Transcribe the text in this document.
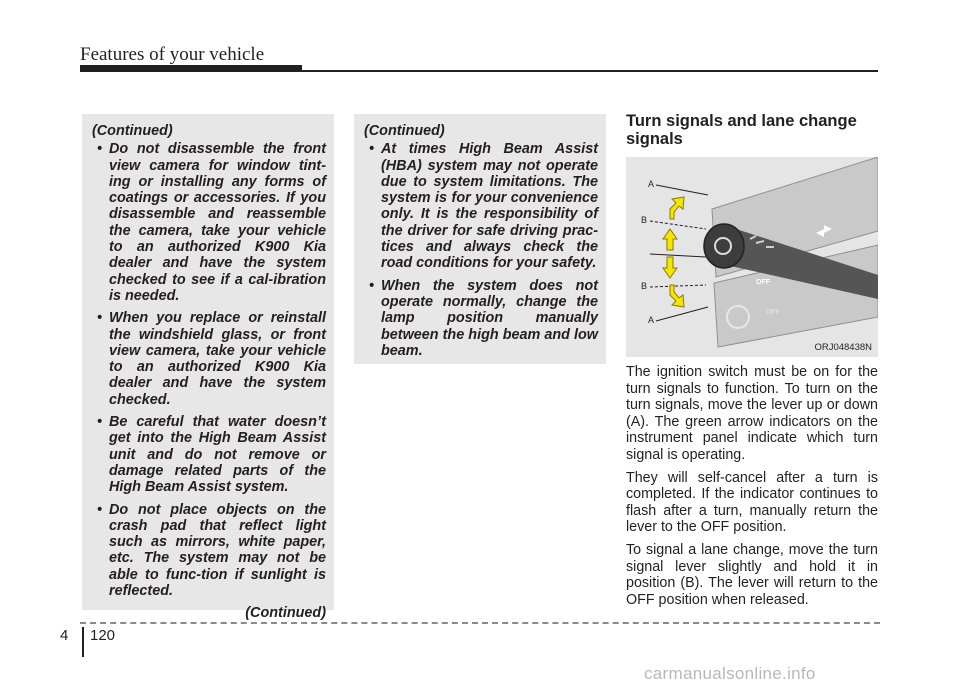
Features of your vehicle

(Continued)

• Do not disassemble the front view camera for window tint-ing or installing any forms of coatings or accessories. If you disassemble and reassemble the camera, take your vehicle to an authorized K900 Kia dealer and have the system checked to see if a cal-ibration is needed.
• When you replace or reinstall the windshield glass, or front view camera, take your vehicle to an authorized K900 Kia dealer and have the system checked.
• Be careful that water doesn’t get into the High Beam Assist unit and do not remove or damage related parts of the High Beam Assist system.
• Do not place objects on the crash pad that reflect light such as mirrors, white paper, etc. The system may not be able to func-tion if sunlight is reflected.

(Continued)

(Continued)

• At times High Beam Assist (HBA) system may not operate due to system limitations. The system is for your convenience only. It is the responsibility of the driver for safe driving prac-tices and always check the road conditions for your safety.
• When the system does not operate normally, change the lamp position manually between the high beam and low beam.
Turn signals and lane change signals
OFF
OFF
A
B
B
A
ORJ048438N

The ignition switch must be on for the turn signals to function. To turn on the turn signals, move the lever up or down (A). The green arrow indicators on the instrument panel indicate which turn signal is operating.

They will self-cancel after a turn is completed. If the indicator continues to flash after a turn, manually return the lever to the OFF position.

To signal a lane change, move the turn signal lever slightly and hold it in position (B). The lever will return to the OFF position when released.

4 120
carmanualsonline.info
